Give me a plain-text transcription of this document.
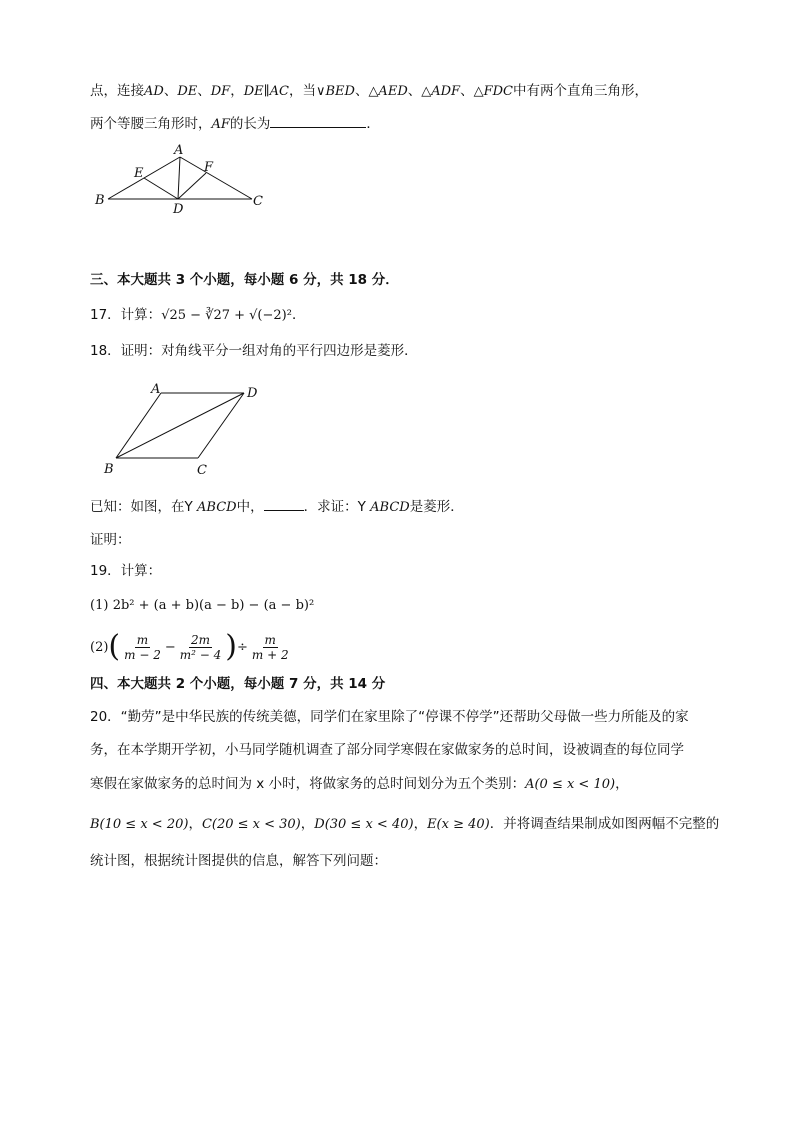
点，连接AD、DE、DF，DE∥AC，当∨BED、△AED、△ADF、△FDC中有两个直角三角形，
两个等腰三角形时，AF的长为	．
A
B	C
D
E	F
三、本大题共 3 个小题，每小题 6 分，共 18 分．
17．计算：√25 − ∛27 + √(−2)²．
18．证明：对角线平分一组对角的平行四边形是菱形．
A	D
B	C
已知：如图，在Y ABCD中，	．求证：Y ABCD是菱形．
证明：
19．计算：
(1) 2b² + (a + b)(a − b) − (a − b)²
$(2)( \frac{m}{m - 2} - \frac{2m}{\text{m² − 4}}$ )÷ $\frac{m}{m + 2}$
四、本大题共 2 个小题，每小题 7 分，共 14 分
20．“勤劳”是中华民族的传统美德，同学们在家里除了“停课不停学”还帮助父母做一些力所能及的家
务，在本学期开学初，小马同学随机调查了部分同学寒假在家做家务的总时间，设被调查的每位同学
寒假在家做家务的总时间为 x 小时，将做家务的总时间划分为五个类别：A(0 ≤ x < 10)，
B(10 ≤ x < 20)，C(20 ≤ x < 30)，D(30 ≤ x < 40)，E(x ≥ 40)．并将调查结果制成如图两幅不完整的
统计图，根据统计图提供的信息，解答下列问题：
